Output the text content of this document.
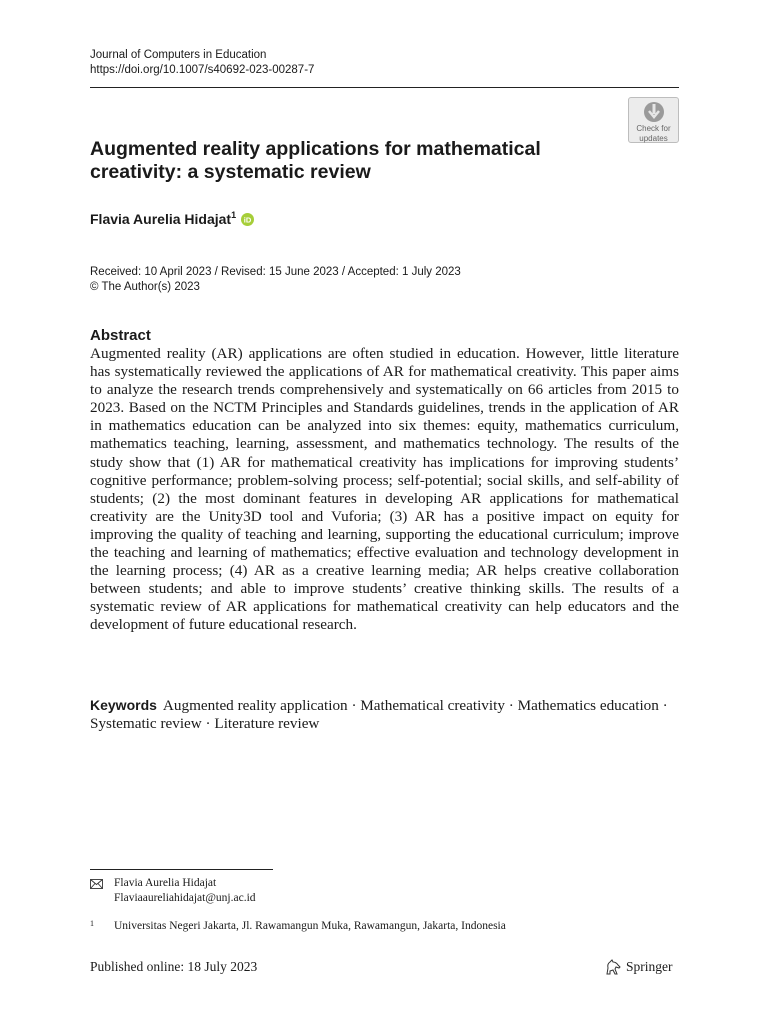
Journal of Computers in Education
https://doi.org/10.1007/s40692-023-00287-7
Check for
updates
Augmented reality applications for mathematical
creativity: a systematic review
Flavia Aurelia Hidajat$^1$ iD
Received: 10 April 2023 / Revised: 15 June 2023 / Accepted: 1 July 2023
© The Author(s) 2023
Abstract

Augmented reality (AR) applications are often studied in education. However, little literature has systematically reviewed the applications of AR for mathematical creativity. This paper aims to analyze the research trends comprehensively and systematically on 66 articles from 2015 to 2023. Based on the NCTM Principles and Standards guidelines, trends in the application of AR in mathematics education can be analyzed into six themes: equity, mathematics curriculum, mathematics teaching, learning, assessment, and mathematics technology. The results of the study show that (1) AR for mathematical creativity has implications for improving students’ cognitive performance; problem-solving process; self-potential; social skills, and self-ability of students; (2) the most dominant features in developing AR applications for mathematical creativity are the Unity3D tool and Vuforia; (3) AR has a positive impact on equity for improving the quality of teaching and learning, supporting the educational curriculum; improve the teaching and learning of mathematics; effective evaluation and technology development in the learning process; (4) AR as a creative learning media; AR helps creative collaboration between students; and able to improve students’ creative thinking skills. The results of a systematic review of AR applications for mathematical creativity can help educators and the development of future educational research.

Keywords Augmented reality application · Mathematical creativity · Mathematics education · Systematic review · Literature review

Flavia Aurelia Hidajat
Flaviaaureliahidajat@unj.ac.id
1	Universitas Negeri Jakarta, Jl. Rawamangun Muka, Rawamangun, Jakarta, Indonesia
Published online: 18 July 2023	Springer
